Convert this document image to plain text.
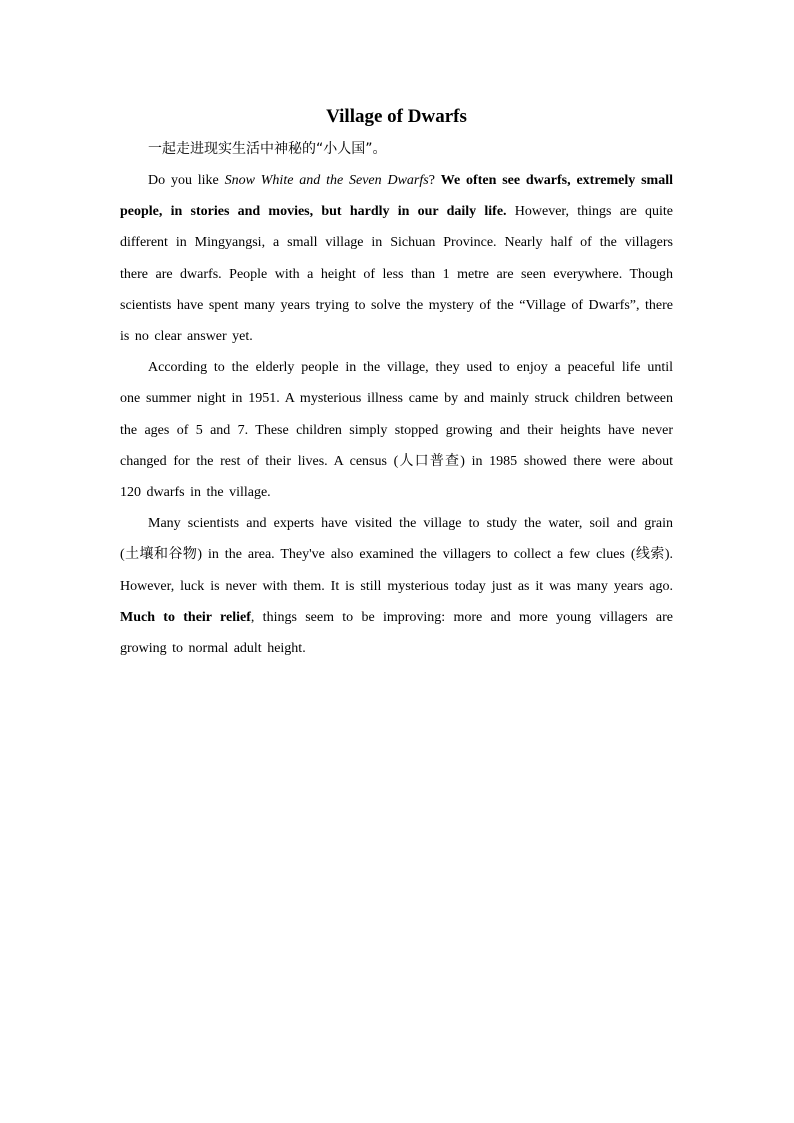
Village of Dwarfs

一起走进现实生活中神秘的“小人国”。

Do you like Snow White and the Seven Dwarfs? We often see dwarfs, extremely small people, in stories and movies, but hardly in our daily life. However, things are quite different in Mingyangsi, a small village in Sichuan Province. Nearly half of the villagers there are dwarfs. People with a height of less than 1 metre are seen everywhere. Though scientists have spent many years trying to solve the mystery of the “Village of Dwarfs”, there is no clear answer yet.

According to the elderly people in the village, they used to enjoy a peaceful life until one summer night in 1951. A mysterious illness came by and mainly struck children between the ages of 5 and 7. These children simply stopped growing and their heights have never changed for the rest of their lives. A census (人口普查) in 1985 showed there were about 120 dwarfs in the village.

Many scientists and experts have visited the village to study the water, soil and grain (土壤和谷物) in the area. They've also examined the villagers to collect a few clues (线索). However, luck is never with them. It is still mysterious today just as it was many years ago. Much to their relief, things seem to be improving: more and more young villagers are growing to normal adult height.
